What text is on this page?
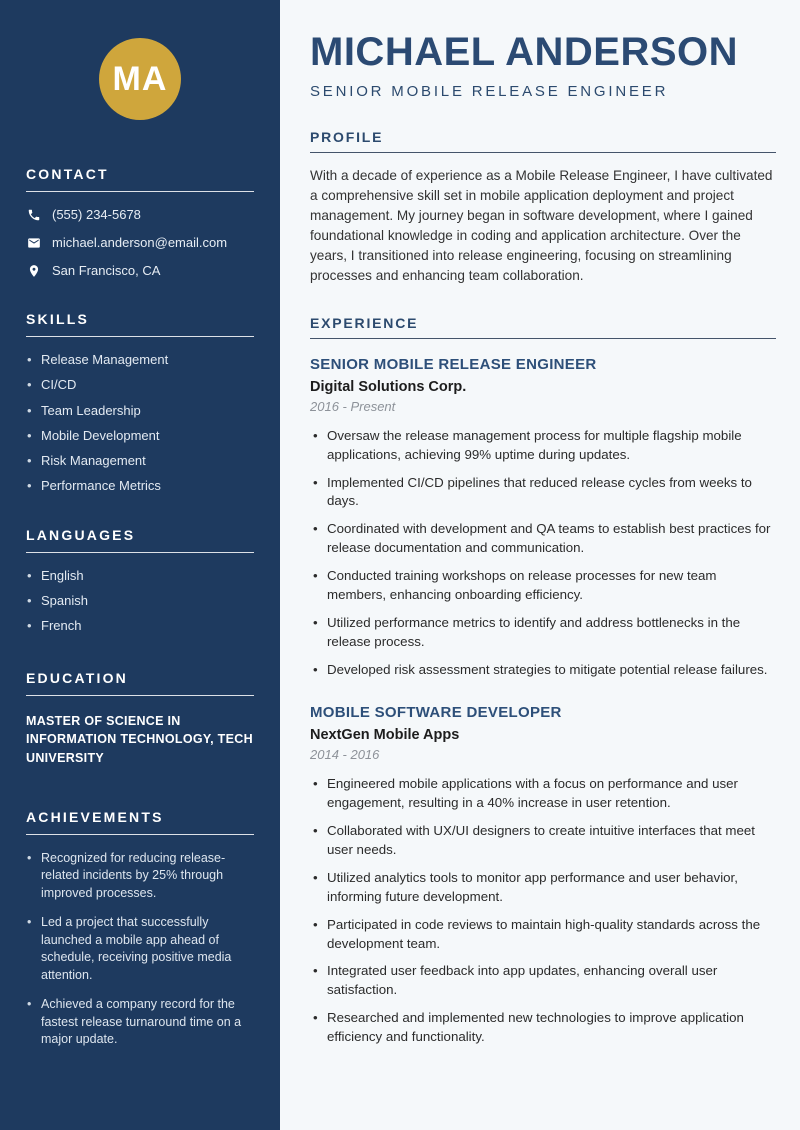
MA
CONTACT
(555) 234-5678
michael.anderson@email.com
San Francisco, CA
SKILLS
• Release Management
• CI/CD
• Team Leadership
• Mobile Development
• Risk Management
• Performance Metrics
LANGUAGES
• English
• Spanish
• French
EDUCATION

MASTER OF SCIENCE IN INFORMATION TECHNOLOGY, TECH UNIVERSITY

ACHIEVEMENTS
• Recognized for reducing release-related incidents by 25% through improved processes.
• Led a project that successfully launched a mobile app ahead of schedule, receiving positive media attention.
• Achieved a company record for the fastest release turnaround time on a major update.
MICHAEL ANDERSON
SENIOR MOBILE RELEASE ENGINEER
PROFILE

With a decade of experience as a Mobile Release Engineer, I have cultivated a comprehensive skill set in mobile application deployment and project management. My journey began in software development, where I gained foundational knowledge in coding and application architecture. Over the years, I transitioned into release engineering, focusing on streamlining processes and enhancing team collaboration.

EXPERIENCE
SENIOR MOBILE RELEASE ENGINEER
Digital Solutions Corp.
2016 - Present
• Oversaw the release management process for multiple flagship mobile applications, achieving 99% uptime during updates.
• Implemented CI/CD pipelines that reduced release cycles from weeks to days.
• Coordinated with development and QA teams to establish best practices for release documentation and communication.
• Conducted training workshops on release processes for new team members, enhancing onboarding efficiency.
• Utilized performance metrics to identify and address bottlenecks in the release process.
• Developed risk assessment strategies to mitigate potential release failures.
MOBILE SOFTWARE DEVELOPER
NextGen Mobile Apps
2014 - 2016
• Engineered mobile applications with a focus on performance and user engagement, resulting in a 40% increase in user retention.
• Collaborated with UX/UI designers to create intuitive interfaces that meet user needs.
• Utilized analytics tools to monitor app performance and user behavior, informing future development.
• Participated in code reviews to maintain high-quality standards across the development team.
• Integrated user feedback into app updates, enhancing overall user satisfaction.
• Researched and implemented new technologies to improve application efficiency and functionality.
